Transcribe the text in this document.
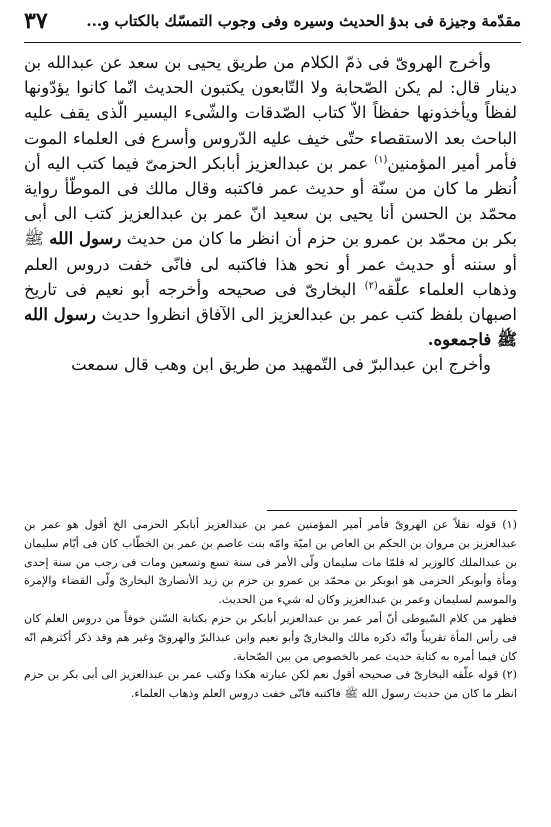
٣٧	مقدّمة وجيزة فى بدؤ الحديث وسيره وفى وجوب التمسّك بالكتاب و...

وأخرج الهروىّ فى ذمّ الكلام من طريق يحيى بن سعد عن عبدالله بن دينار قال: لم يكن الصّحابة ولا التّابعون يكتبون الحديث انّما كانوا يؤدّونها لفظاً ويأخذونها حفظاً الاّ كتاب الصّدقات والشّىء اليسير الّذى يقف عليه الباحث بعد الاستقصاء حتّى خيف عليه الدّروس وأسرع فى العلماء الموت فأمر أمير المؤمنين$^{(١)}$ عمر بن عبدالعزيز أبابكر الحزمىّ فيما كتب اليه أن اُنظر ما كان من سنّة أو حديث عمر فاكتبه وقال مالك فى الموطّأ رواية محمّد بن الحسن أنا يحيى بن سعيد انّ عمر بن عبدالعزيز كتب الى أبى بكر بن محمّد بن عمرو بن حزم أن انظر ما كان من حديث رسول الله ﷺ أو سننه أو حديث عمر أو نحو هذا فاكتبه لى فانّى خفت دروس العلم وذهاب العلماء علّقه$^{(٢)}$ البخارىّ فى صحيحه وأخرجه أبو نعيم فى تاريخ اصبهان بلفظ كتب عمر بن عبدالعزيز الى الآفاق انظروا حديث رسول الله ﷺ فاجمعوه.

وأخرج ابن عبدالبرّ فى التّمهيد من طريق ابن وهب قال سمعت

(١) قوله نقلاً عن الهروىّ فأمر أمير المؤمنين عمر بن عبدالعزيز أبابكر الحزمى الخ أقول هو عمر بن عبدالعزيز بن مروان بن الحكم بن العاص بن اميّة وامّه بنت عاصم بن عمر بن الخطّاب كان فى أيّام سليمان بن عبدالملك كالوزير له فلمّا مات سليمان ولّى الأمر فى سنة تسع وتسعين ومات فى رجب من سنة إحدى ومأة وأبوبكر الحزمى هو ابوبكر بن محمّد بن عمرو بن حزم بن زيد الأنصارىّ البخارىّ ولّى القضاء والإمرة والموسم لسليمان وعمر بن عبدالعزيز وكان له شيء من الحديث.

فظهر من كلام السّيوطى أنّ أمر عمر بن عبدالعزيز أبابكر بن حزم بكتابة السّنن خوفاً من دروس العلم كان فى رأس المأة تقريباً وانّه ذكره مالك والبخارىّ وأبو نعيم وابن عبدالبرّ والهروىّ وغير هم وقد ذكر أكثرهم انّه كان فيما أمره به كتابة حديث عمر بالخصوص من بين الصّحابة.

(٢) قوله علّقه البخارىّ فى صحيحه أقول نعم لكن عبارته هكذا وكتب عمر بن عبدالعزيز الى أبى بكر بن حزم انظر ما كان من حديث رسول الله ﷺ فاكتبه فانّى خفت دروس العلم وذهاب العلماء.
